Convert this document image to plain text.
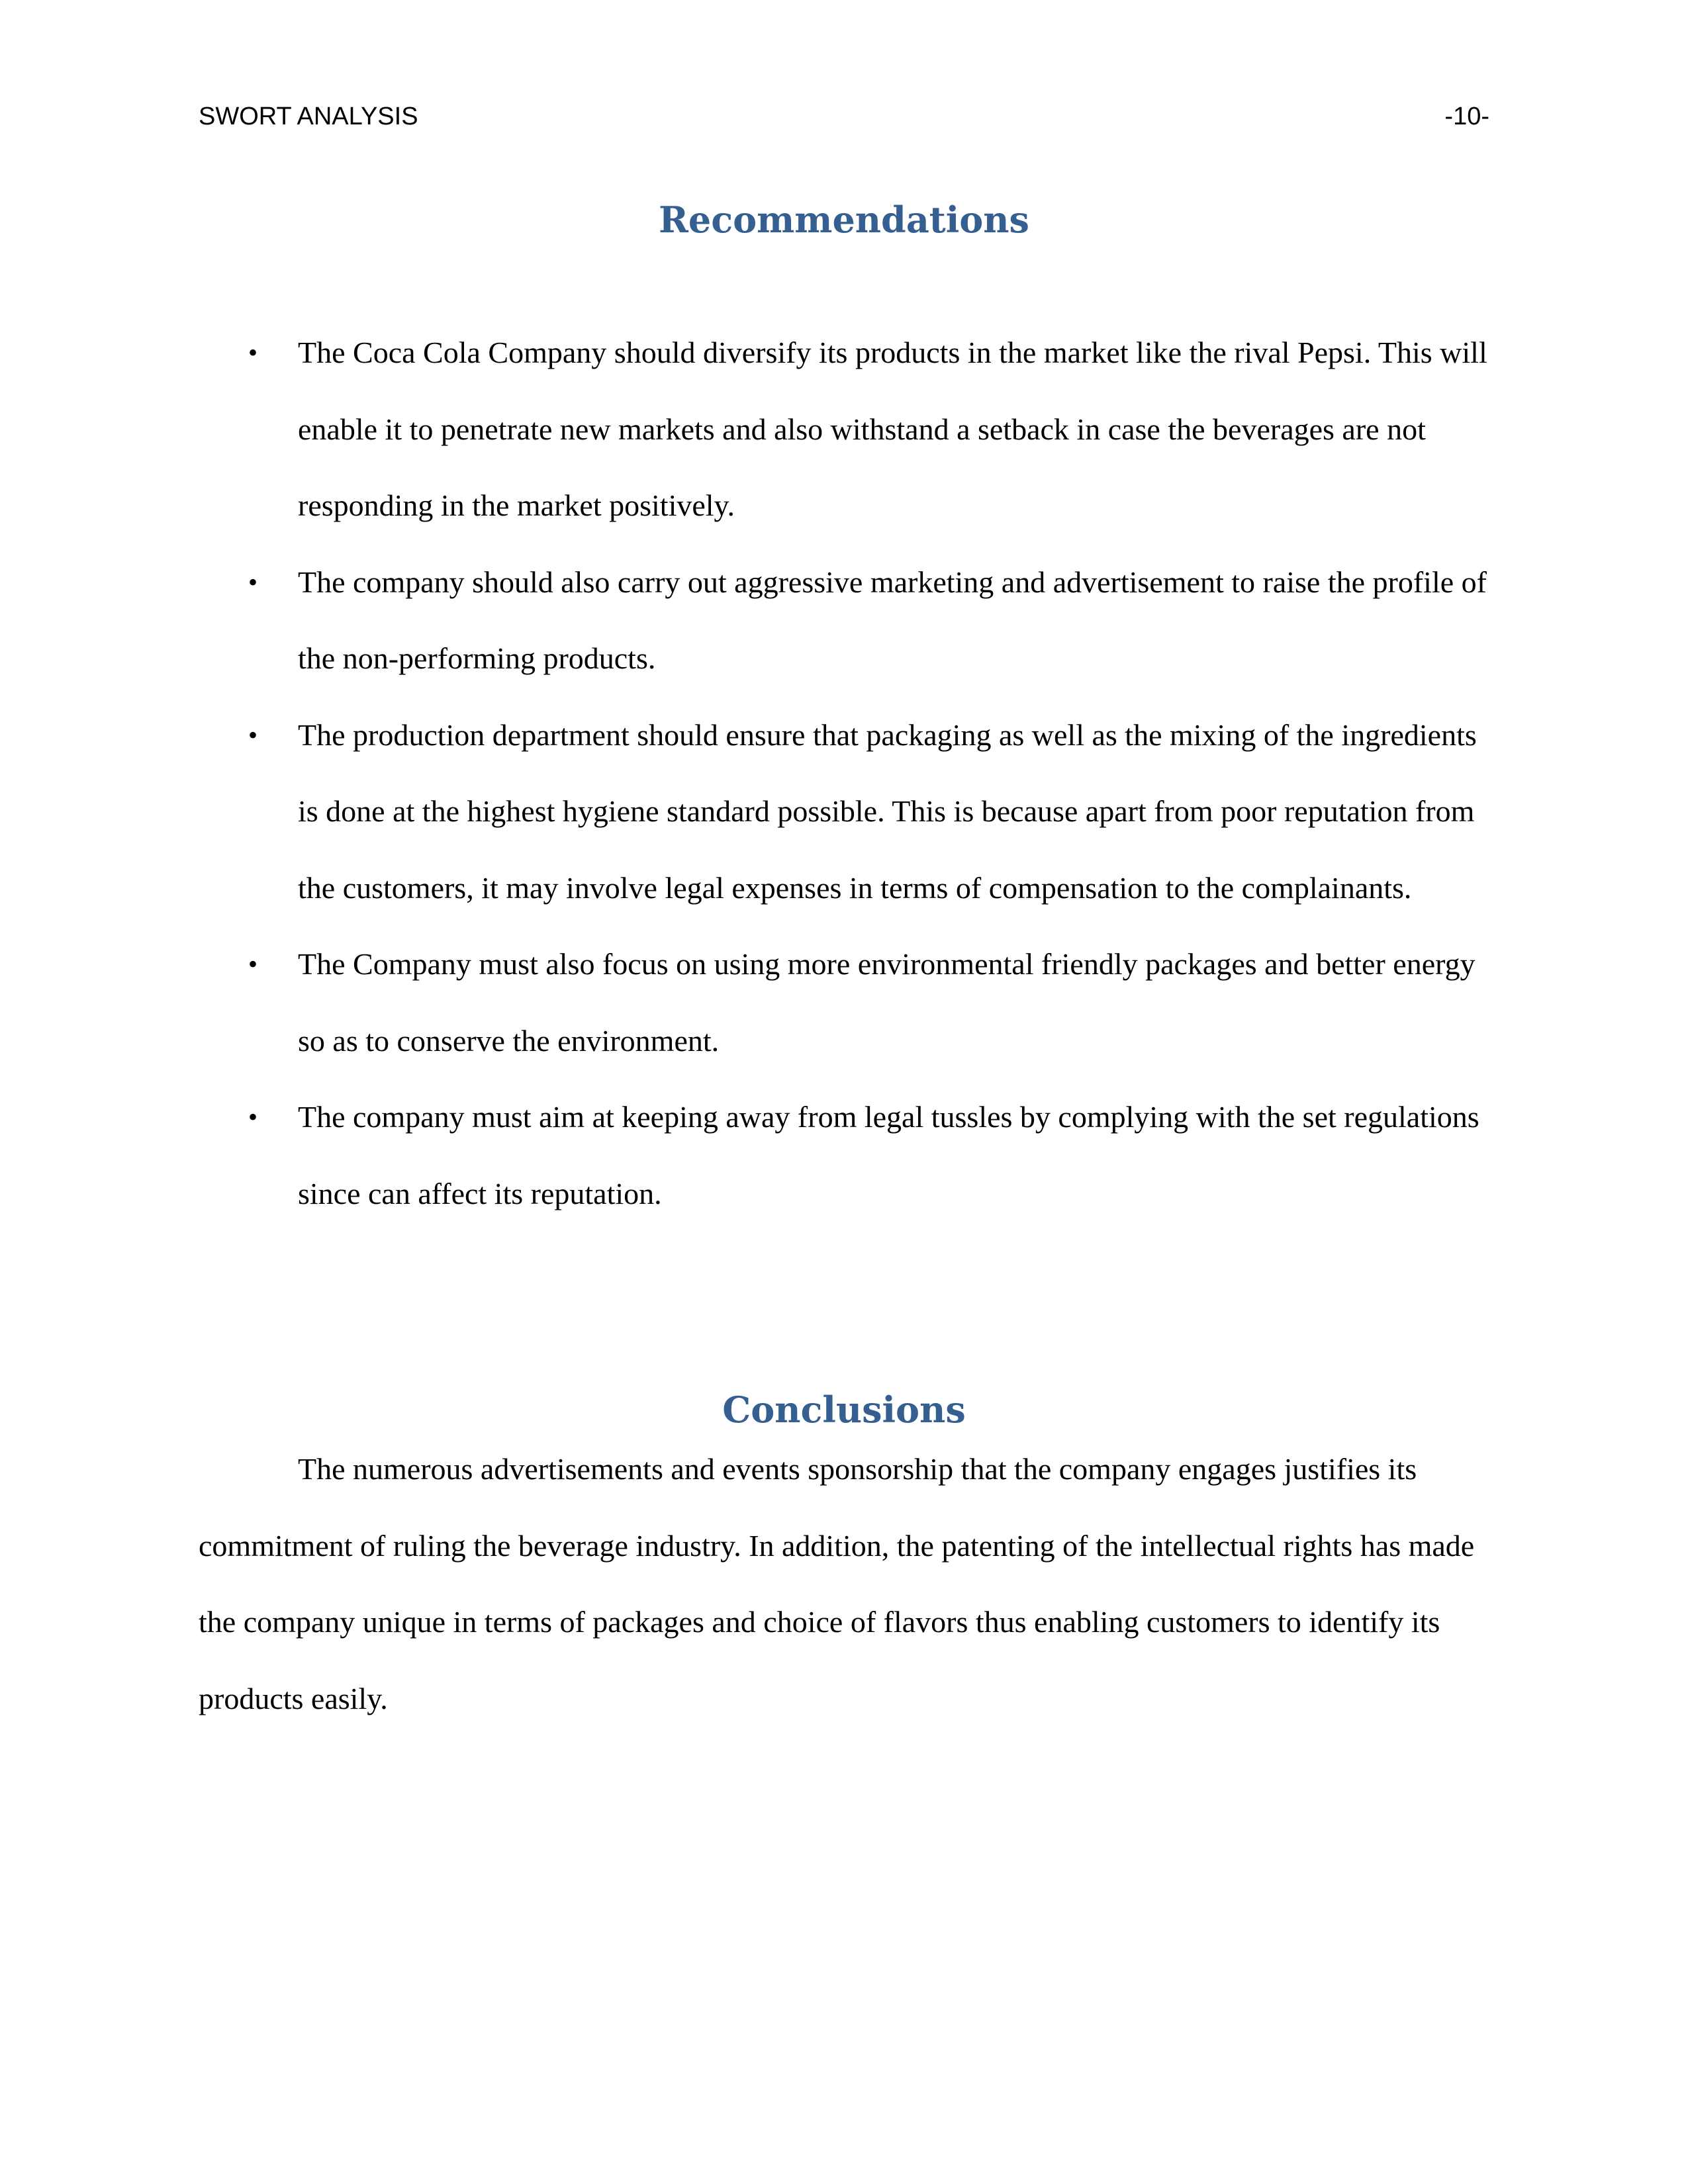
SWORT ANALYSIS	-10-
Recommendations
• The Coca Cola Company should diversify its products in the market like the rival Pepsi. This will enable it to penetrate new markets and also withstand a setback in case the beverages are not responding in the market positively.
• The company should also carry out aggressive marketing and advertisement to raise the profile of the non-performing products.
• The production department should ensure that packaging as well as the mixing of the ingredients is done at the highest hygiene standard possible. This is because apart from poor reputation from the customers, it may involve legal expenses in terms of compensation to the complainants.
• The Company must also focus on using more environmental friendly packages and better energy so as to conserve the environment.
• The company must aim at keeping away from legal tussles by complying with the set regulations since can affect its reputation.
Conclusions

The numerous advertisements and events sponsorship that the company engages justifies its commitment of ruling the beverage industry. In addition, the patenting of the intellectual rights has made the company unique in terms of packages and choice of flavors thus enabling customers to identify its products easily.
